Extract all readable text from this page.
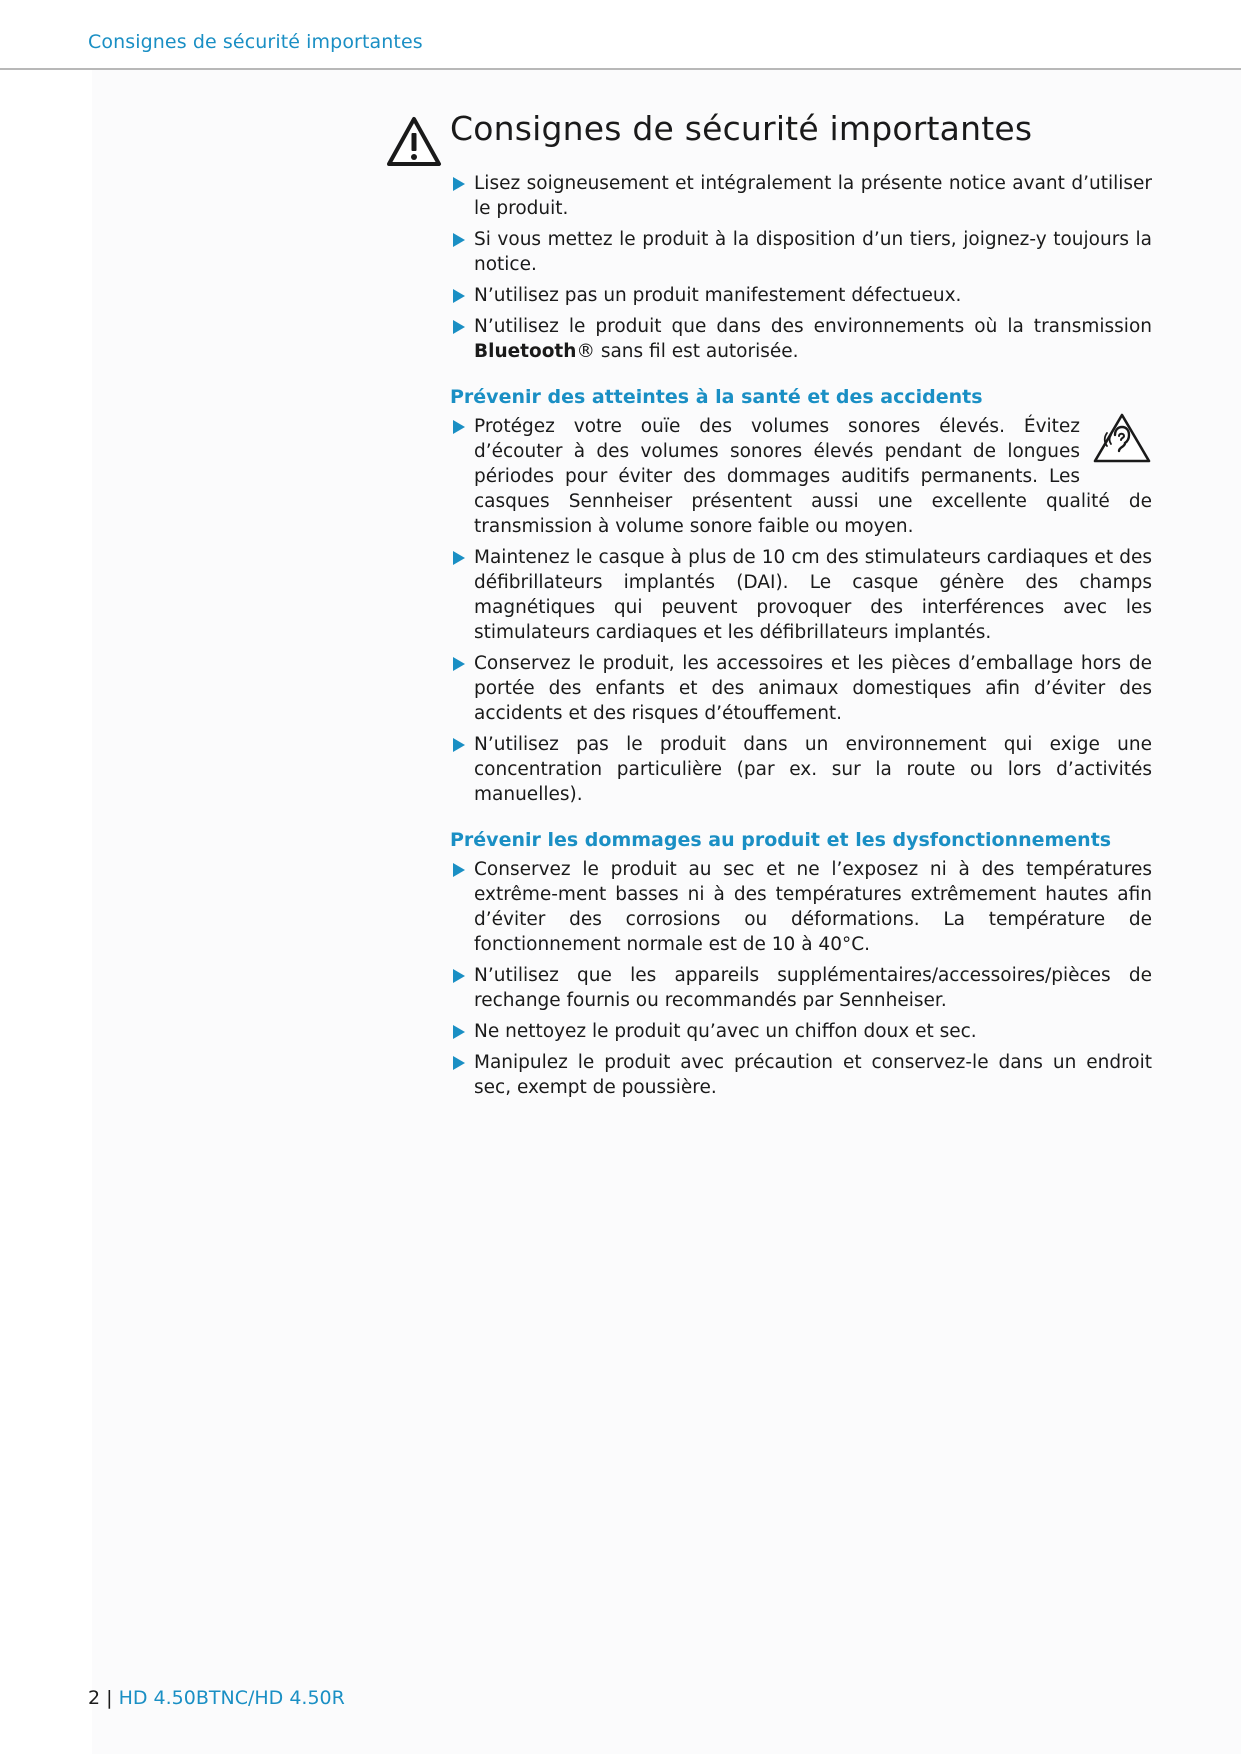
Consignes de sécurité importantes
Consignes de sécurité importantes
Lisez soigneusement et intégralement la présente notice avant d’utiliser le produit.
Si vous mettez le produit à la disposition d’un tiers, joignez-y toujours la notice.
N’utilisez pas un produit manifestement défectueux.
N’utilisez le produit que dans des environnements où la transmission Bluetooth® sans fil est autorisée.
Prévenir des atteintes à la santé et des accidents
Protégez votre ouïe des volumes sonores élevés. Évitez d’écouter à des volumes sonores élevés pendant de longues périodes pour éviter des dommages auditifs permanents. Les casques Sennheiser présentent aussi une excellente qualité de transmission à volume sonore faible ou moyen.
Maintenez le casque à plus de 10 cm des stimulateurs cardiaques et des défibrillateurs implantés (DAI). Le casque génère des champs magnétiques qui peuvent provoquer des interférences avec les stimulateurs cardiaques et les défibrillateurs implantés.
Conservez le produit, les accessoires et les pièces d’emballage hors de portée des enfants et des animaux domestiques afin d’éviter des accidents et des risques d’étouffement.
N’utilisez pas le produit dans un environnement qui exige une concentration particulière (par ex. sur la route ou lors d’activités manuelles).
Prévenir les dommages au produit et les dysfonctionnements
Conservez le produit au sec et ne l’exposez ni à des températures extrême-ment basses ni à des températures extrêmement hautes afin d’éviter des corrosions ou déformations. La température de fonctionnement normale est de 10 à 40°C.
N’utilisez que les appareils supplémentaires/accessoires/pièces de rechange fournis ou recommandés par Sennheiser.
Ne nettoyez le produit qu’avec un chiffon doux et sec.
Manipulez le produit avec précaution et conservez-le dans un endroit sec, exempt de poussière.
2 | HD 4.50BTNC/HD 4.50R
